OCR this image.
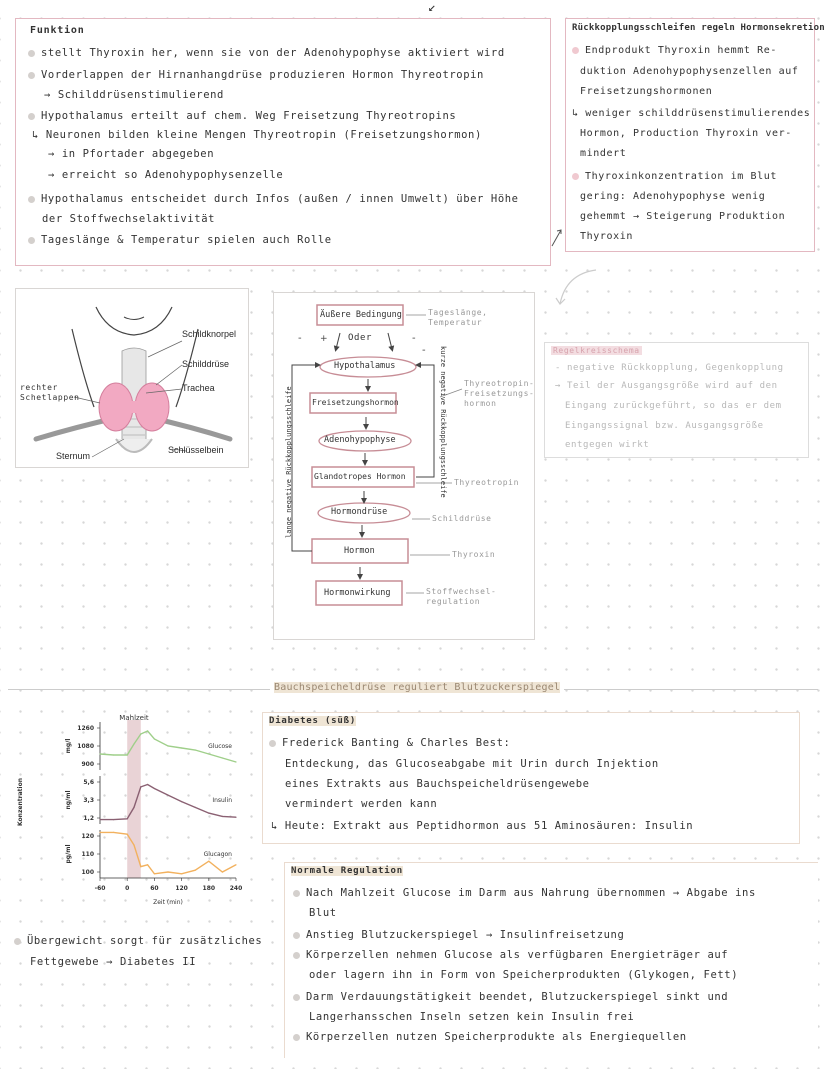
↙
Funktion
stellt Thyroxin her, wenn sie von der Adenohypophyse aktiviert wird
Vorderlappen der Hirnanhangdrüse produzieren Hormon Thyreotropin
→ Schilddrüsenstimulierend
Hypothalamus erteilt auf chem. Weg Freisetzung Thyreotropins
↳ Neuronen bilden kleine Mengen Thyreotropin (Freisetzungshormon)
→ in Pfortader abgegeben
→ erreicht so Adenohypophysenzelle
Hypothalamus entscheidet durch Infos (außen / innen Umwelt) über Höhe
der Stoffwechselaktivität
Tageslänge & Temperatur spielen auch Rolle
Rückkopplungsschleifen regeln Hormonsekretion
Endprodukt Thyroxin hemmt Re-
duktion Adenohypophysenzellen auf
Freisetzungshormonen
↳ weniger schilddrüsenstimulierendes
Hormon, Production Thyroxin ver-
mindert
Thyroxinkonzentration im Blut
gering: Adenohypophyse wenig
gehemmt → Steigerung Produktion
Thyroxin
Schildknorpel
Schilddrüse
Trachea
rechter
Schetlappen
Sternum
Schlüsselbein
- +	-
-
Äußere Bedingung
Oder
Hypothalamus
Freisetzungshormon
Adenohypophyse
Glandotropes Hormon
Hormondrüse
Hormon
Hormonwirkung
Tageslänge,
Temperatur
Thyreotropin-
Freisetzungs-
hormon
Thyreotropin
Schilddrüse
Thyroxin
Stoffwechsel-
regulation
lange negative Rückkopplungsschleife	kurze negative Rückkopplungsschleife	Regelkreisschema
- negative Rückkopplung, Gegenkopplung
→ Teil der Ausgangsgröße wird auf den
Eingang zurückgeführt, so das er dem
Eingangssignal bzw. Ausgangsgröße
entgegen wirkt
Bauchspeicheldrüse reguliert Blutzuckerspiegel
Mahlzeit
1260
1080
900
mg/l	Glucose
5,6
3,3
1,2
ng/ml	Insulin
120
110
100
pg/ml	Glucagon
-60	0	60	120 180 240
Zeit (min)
Konzentration
Diabetes (süß)
Frederick Banting & Charles Best:
Entdeckung, das Glucoseabgabe mit Urin durch Injektion
eines Extrakts aus Bauchspeicheldrüsengewebe
vermindert werden kann
↳ Heute: Extrakt aus Peptidhormon aus 51 Aminosäuren: Insulin
Übergewicht sorgt für zusätzliches
Fettgewebe → Diabetes II
Normale Regulation
Nach Mahlzeit Glucose im Darm aus Nahrung übernommen → Abgabe ins
Blut
Anstieg Blutzuckerspiegel → Insulinfreisetzung
Körperzellen nehmen Glucose als verfügbaren Energieträger auf
oder lagern ihn in Form von Speicherprodukten (Glykogen, Fett)
Darm Verdauungstätigkeit beendet, Blutzuckerspiegel sinkt und
Langerhansschen Inseln setzen kein Insulin frei
Körperzellen nutzen Speicherprodukte als Energiequellen
